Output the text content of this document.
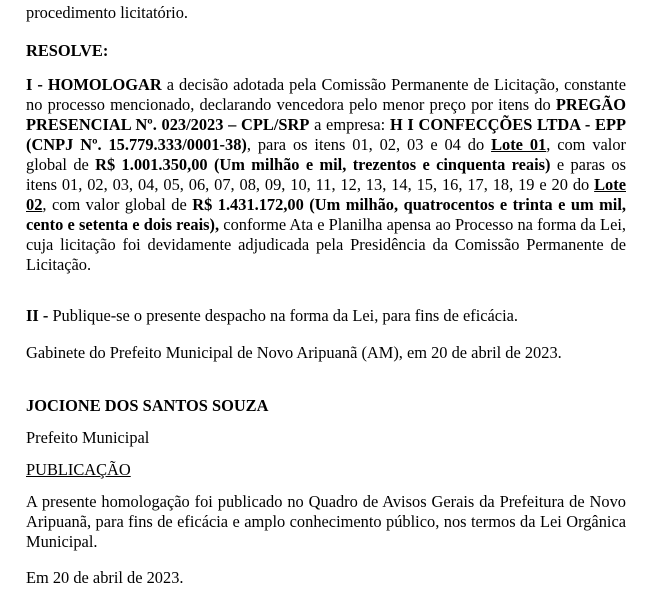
procedimento licitatório.
RESOLVE:
I - HOMOLOGAR a decisão adotada pela Comissão Permanente de Licitação, constante no processo mencionado, declarando vencedora pelo menor preço por itens do PREGÃO PRESENCIAL Nº. 023/2023 – CPL/SRP a empresa: H I CONFECÇÕES LTDA - EPP (CNPJ Nº. 15.779.333/0001-38), para os itens 01, 02, 03 e 04 do Lote 01, com valor global de R$ 1.001.350,00 (Um milhão e mil, trezentos e cinquenta reais) e paras os itens 01, 02, 03, 04, 05, 06, 07, 08, 09, 10, 11, 12, 13, 14, 15, 16, 17, 18, 19 e 20 do Lote 02, com valor global de R$ 1.431.172,00 (Um milhão, quatrocentos e trinta e um mil, cento e setenta e dois reais), conforme Ata e Planilha apensa ao Processo na forma da Lei, cuja licitação foi devidamente adjudicada pela Presidência da Comissão Permanente de Licitação.
II - Publique-se o presente despacho na forma da Lei, para fins de eficácia.
Gabinete do Prefeito Municipal de Novo Aripuanã (AM), em 20 de abril de 2023.
JOCIONE DOS SANTOS SOUZA
Prefeito Municipal
PUBLICAÇÃO
A presente homologação foi publicado no Quadro de Avisos Gerais da Prefeitura de Novo Aripuanã, para fins de eficácia e amplo conhecimento público, nos termos da Lei Orgânica Municipal.
Em 20 de abril de 2023.
